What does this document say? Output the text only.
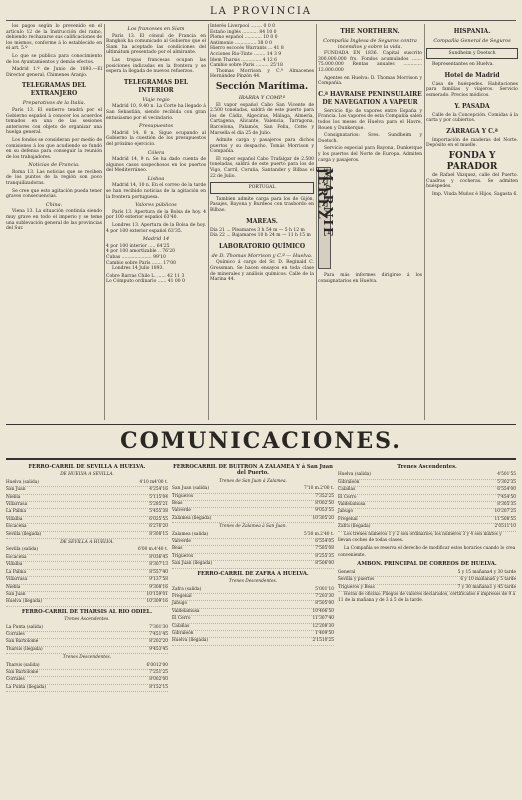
LA PROVINCIA

los pagos según lo prevenido en el artículo 12 de la Instrucción del ramo, debiendo rechazarse sus calificaciones de los mismos, conforme á lo establecido en el art. 5.º

Lo que se publica para conocimiento de los Ayuntamientos y demás efectos.

Madrid 1.º de Junio de 1893.—El Director general, Chimenes Aranjo.

TELEGRAMAS DEL EXTRANJERO
Preparativos de la Italia.

París 13. El entierro tendrá por el Gobierno español á conocer los acuerdos tomados en una de las sesiones anteriores con objeto de organizar una huelga general.

Los fondos se consideran por medio de comisiones á los que acudiendo se fundó en su defensa para conseguir la reunión de los trabajadores.

Noticias de Francia.

Roma 13. Las noticias que se reciben de los puntos de la región son poco tranquilizadoras.

Se cree que esto agitación pueda tener graves consecuencias.

China.

Viena 13. La situación continúa siendo muy grave en todo el imperio y se teme una sublevación general de las provincias del Sur.

Los franceses en Siam

París 13. El cónsul de Francia en Bangkok ha comunicado al Gobierno que el Siam ha aceptado las condiciones del ultimátum presentado por el almirante.

Las tropas francesas ocupan las posiciones indicadas en la frontera y se espera la llegada de nuevos refuerzos.

TELEGRAMAS DEL INTERIOR
Viaje regio

Madrid 10, 9.40 n. La Corte ha llegado á San Sebastián, siendo recibida con gran entusiasmo por el vecindario.

Presupuestos

Madrid 14, 8 n. Sigue ocupando al Gobierno la cuestión de los presupuestos del próximo ejercicio.

Cólera

Madrid 14, 9 n. Se ha dado cuenta de algunos casos sospechosos en los puertos del Mediterráneo.

Lisboa

Madrid 14, 10 n. En el correo de la tarde se han recibido noticias de la agitación en la frontera portuguesa.

Valores públicos

París 13. Apertura de la Bolsa de hoy. 4 por 100 exterior español 63'40.

Londres 13. Apertura de la Bolsa de hoy. 4 por 100 exterior español 63'35.

Madrid 14
4 por 100 interior ..... 64'25
4 por 100 amortizable .. 76'20
Cubas ..................... 99'10
Cambio sobre París ....... 17'00

Londres 14 Julio 1893.

Cobre Barras Chile L. ...... 42 11 3
Lo Cómputo ordinario ...... 41 00 0
Interés Liverpool ........ 0 0 0
Estaño inglés ........... 84 10 0
Plomo español ............ 10 0 0
Antimonio ............... 38 0 0
Hierro escocés Warrants ... 41 8
Acciones Rio-Tinto ........ 14 3 9
Idem Tharsis .............. 4 12 6
Cambio sobre París ......... 25'18

Thomas Morrison y C.ª Almacenes Hernández Pinzón 44.

Sección Marítima.
IBARRA Y COMP.ª

El vapor español Cabo San Vicente de 2.500 toneladas, saldrá de este puerto para los de Cádiz, Algeciras, Málaga, Almería, Cartagena, Alicante, Valencia, Tarragona, Barcelona, Palamós, San Feliu, Cette y Marsella el día 25 de Julio.

Admite carga y pasajeros para dichos puertos y su despacho, Tomás Morrison y Compañía.

El vapor español Cabo Trafalgar de 2.500 toneladas, saldrá de este puerto para los de Vigo, Carril, Coruña, Santander y Bilbao el 22 de Julio.

PORTUGAL

Tambien admite carga para los de Gijón, Pasajes, Bayona y Burdeos con trasbordo en Bilbao.

MAREAS.
Día 21 ... Pleamares 3 h 54 m — 5 h 12 m
Día 22 ... Bajamares 10 h 24 m — 11 h 15 m
LABORATORIO QUÍMICO
de D. Thomas Morrison y C.ª — Huelva.

Químico á cargo del Sr. D. Reginald C. Grossman. Se hacen ensayos en toda clase de minerales y análisis químicos. Calle de la Marina 44.

THE NORTHERN.
Compañía Inglesa de Seguros contra incendios y sobre la vida.

FUNDADA EN 1836. Capital suscrito 300.000.000 frs. Fondos acumulados ....... 75.000.000 Rentas anuales ............. 12.000.000

Agentes en Huelva: D. Thomas Morrison y Compañía.

C.ª HAVRAISE PENINSULAIRE DE NAVEGATION A VAPEUR

Servicio fijo de vapores entre España y Francia. Los vapores de esta Compañía salen todos los meses de Huelva para el Havre, Rouen y Dunkerque.

Consignatarios: Sres. Sundheim y Doetsch.

Servicio especial para Bayona, Dunkerque y los puertos del Norte de Europa. Admiten carga y pasajeros.

MARNIE JEREZ

Para más informes dirigirse á los consignatarios en Huelva.

HISPANIA.
Compañía General de Seguros
Sundheim y Doetsch

Representantes en Huelva.

Hotel de Madrid

Casa de huéspedes. Habitaciones para familias y viajeros. Servicio esmerado. Precios módicos.

Y. PASADA

Calle de la Concepción. Comidas á la carta y por cubiertos.

ZÁRRAGA Y C.ª

Importación de maderas del Norte. Depósito en el muelle.

FONDA Y PARADOR

de Rafael Vázquez, calle del Puerto. Cuadras y cocheras. Se admiten huéspedes.

Imp. Viuda Muñoz é Hijos, Sagasta 6.

COMUNICACIONES.
FERRO-CARRIL DE SEVILLA A HUELVA.
DE HUELVA A SEVILLA.
Huelva (salida)	4'10 m 4'00 t.
San Juan	4'25 4'16
Niebla	5'11 5'04
Villarrasa	5'28 5'21
La Palma	5'45 5'38
Villalba	6'02 5'55
Escacena	6'27 6'20
Sevilla (llegada)	8'30 8'15
DE SEVILLA A HUELVA.
Sevilla (salida)	6'00 m. 4'40 t.
Escacena	8'03 6'45
Villalba	8'30 7'13
La Palma	8'55 7'40
Villarrasa	9'13 7'58
Niebla	9'30 8'16
San Juan	10'15 9'01
Huelva (llegada)	10'30 9'16
FERRO-CARRIL DE THARSIS AL RIO ODIEL.
Trenes Ascendentes.
La Punta (salida)	7'30 1'30
Corrales	7'45 1'45
San Bartolomé	8'20 2'20
Tharsis (llegada)	9'45 3'45
Trenes Descendentes.
Tharsis (salida)	6'00 12'00
San Bartolomé	7'25 1'25
Corrales	8'00 2'00
La Punta (llegada)	8'15 2'15
FERROCARRIL DE BUITRON A ZALAMEA Y á San Juan del Puerto.
Trenes de San Juan á Zalamea.
San Juan (salida)	7'10 m. 2'00 t.
Trigueros	7'35 2'25
Beas	8'00 2'50
Valverde	9'05 3'55
Zalamea (llegada)	10'30 5'20
Trenes de Zalamea á San Juan.
Zalamea (salida)	5'30 m. 2'40 t.
Valverde	6'55 4'05
Beas	7'58 5'08
Trigueros	8'25 5'35
San Juan (llegada)	8'50 6'00
FERRO-CARRIL DE ZAFRA A HUELVA.
Trenes Descendentes.
Zafra (salida)	5'00 1'10
Fregenal	7'20 3'30
Jabugo	8'50 5'00
Valdelamusa	10'40 6'50
El Cerro	11'30 7'40
Calañas	12'20 8'30
Gibraleón	1'40 9'50
Huelva (llegada)	2'15 10'25
Trenes Ascendentes.
Huelva (salida)	4'50 1'55
Gibraleón	5'30 2'35
Calañas	6'55 4'00
El Cerro	7'45 4'50
Valdelamusa	8'30 5'35
Jabugo	10'20 7'25
Fregenal	11'50 8'55
Zafra (llegada)	2'05 11'10

Los trenes números 1 y 2 son ordinarios; los números 3 y 4 son mixtos y llevan coches de todas clases.

La Compañía se reserva el derecho de modificar estos horarios cuando lo crea conveniente.

AMBON. PRINCIPAL DE CORREOS DE HUELVA.
General	5 y 15 mañana 4 y 30 tarde
Sevilla y puertos	6 y 10 mañana 6 y 5 tarde
Trigueros y Beas	7 y 30 mañana 1 y 45 tarde

Horas de oficina: Pliegos de valores declarados, certificados é impresos de 9 á 11 de la mañana y de 3 á 5 de la tarde.
